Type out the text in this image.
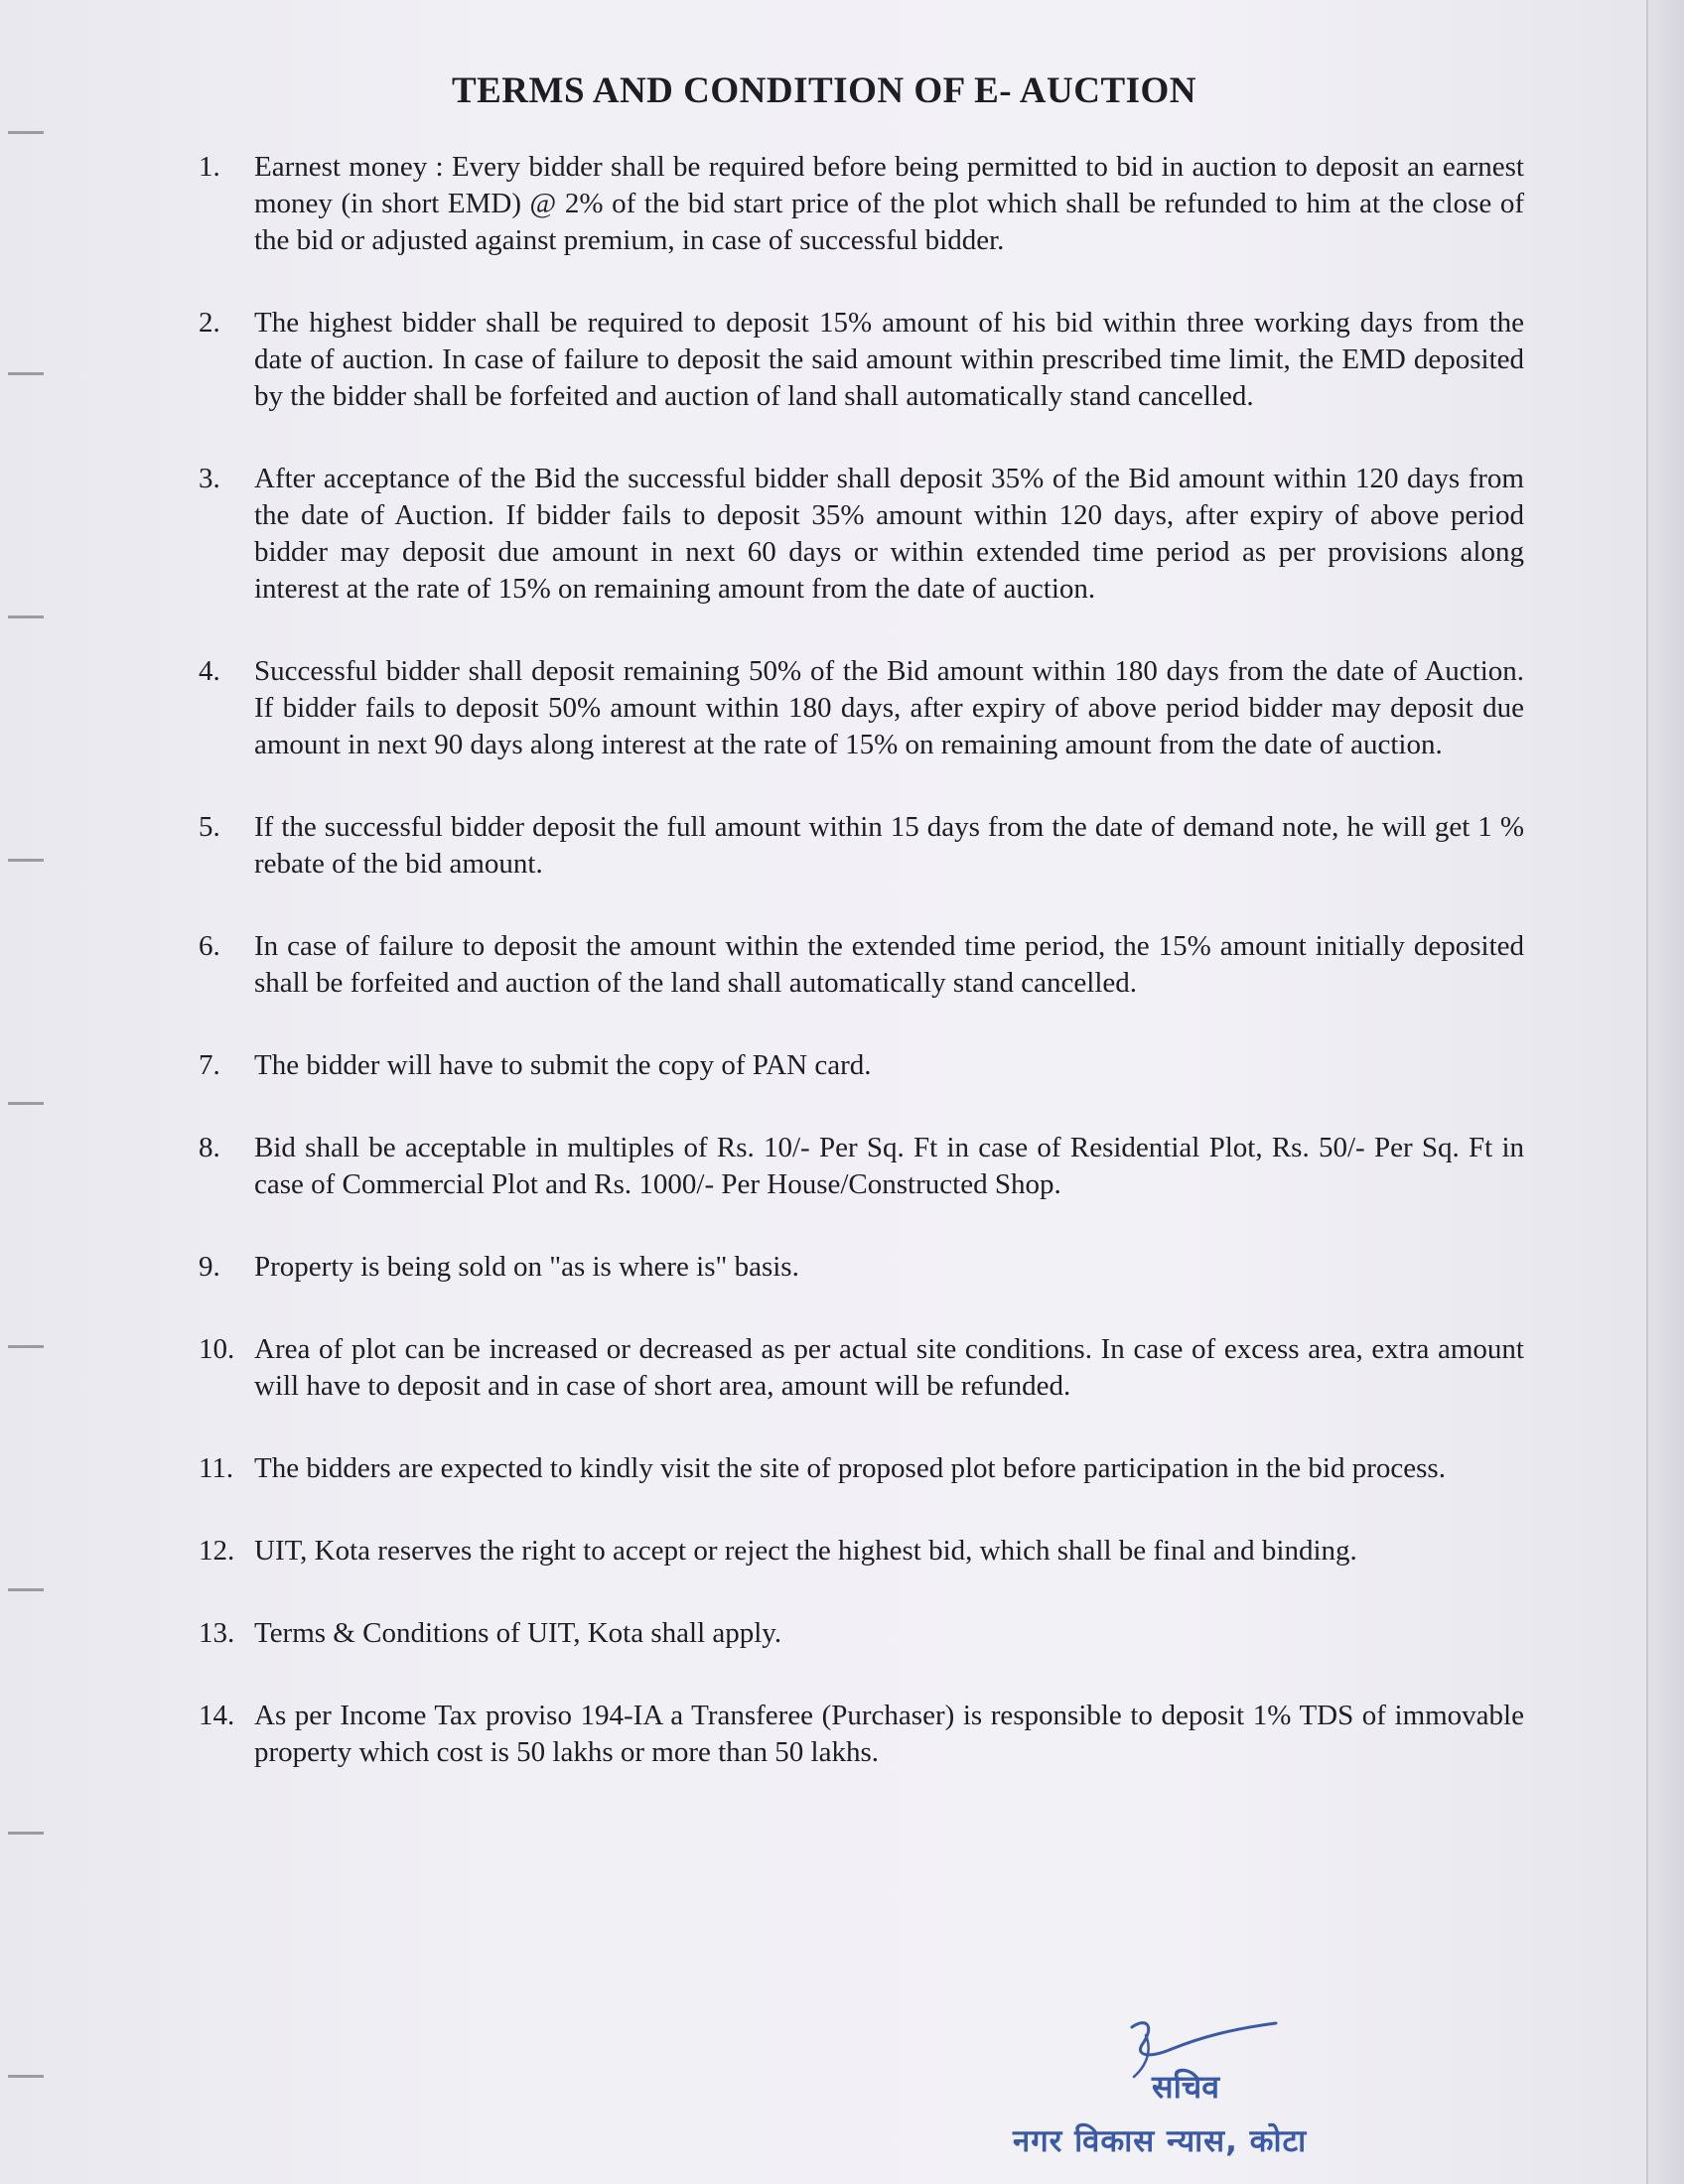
TERMS AND CONDITION OF E- AUCTION
1.	Earnest money : Every bidder shall be required before being permitted to bid in auction to deposit an earnest money (in short EMD) @ 2% of the bid start price of the plot which shall be refunded to him at the close of the bid or adjusted against premium, in case of successful bidder.
2.	The highest bidder shall be required to deposit 15% amount of his bid within three working days from the date of auction. In case of failure to deposit the said amount within prescribed time limit, the EMD deposited by the bidder shall be forfeited and auction of land shall automatically stand cancelled.
3.	After acceptance of the Bid the successful bidder shall deposit 35% of the Bid amount within 120 days from the date of Auction. If bidder fails to deposit 35% amount within 120 days, after expiry of above period bidder may deposit due amount in next 60 days or within extended time period as per provisions along interest at the rate of 15% on remaining amount from the date of auction.
4.	Successful bidder shall deposit remaining 50% of the Bid amount within 180 days from the date of Auction. If bidder fails to deposit 50% amount within 180 days, after expiry of above period bidder may deposit due amount in next 90 days along interest at the rate of 15% on remaining amount from the date of auction.
5.	If the successful bidder deposit the full amount within 15 days from the date of demand note, he will get 1 % rebate of the bid amount.
6.	In case of failure to deposit the amount within the extended time period, the 15% amount initially deposited shall be forfeited and auction of the land shall automatically stand cancelled.
7.	The bidder will have to submit the copy of PAN card.
8.	Bid shall be acceptable in multiples of Rs. 10/- Per Sq. Ft in case of Residential Plot, Rs. 50/- Per Sq. Ft in case of Commercial Plot and Rs. 1000/- Per House/Constructed Shop.
9.	Property is being sold on "as is where is" basis.
10. Area of plot can be increased or decreased as per actual site conditions. In case of excess area, extra amount will have to deposit and in case of short area, amount will be refunded.
11. The bidders are expected to kindly visit the site of proposed plot before participation in the bid process.
12. UIT, Kota reserves the right to accept or reject the highest bid, which shall be final and binding.
13. Terms & Conditions of UIT, Kota shall apply.
14. As per Income Tax proviso 194-IA a Transferee (Purchaser) is responsible to deposit 1% TDS of immovable property which cost is 50 lakhs or more than 50 lakhs.
सचिव
नगर विकास न्यास, कोटा
